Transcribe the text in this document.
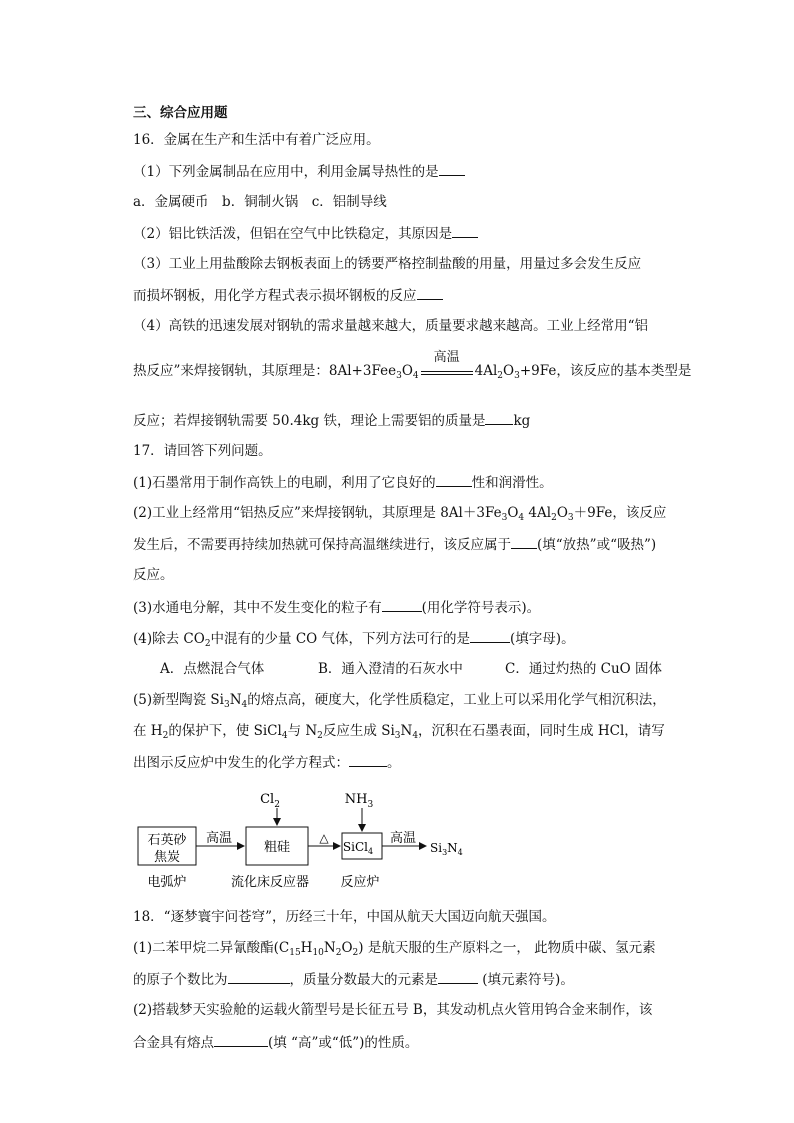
三、综合应用题
16．金属在生产和生活中有着广泛应用。
（1）下列金属制品在应用中，利用金属导热性的是
a．金属硬币　b．铜制火锅　c．铝制导线
（2）铝比铁活泼，但铝在空气中比铁稳定，其原因是
（3）工业上用盐酸除去钢板表面上的锈要严格控制盐酸的用量，用量过多会发生反应
而损坏钢板，用化学方程式表示损坏钢板的反应
（4）高铁的迅速发展对钢轨的需求量越来越大，质量要求越来越高。工业上经常用“铝
热反应”来焊接钢轨，其原理是：$8Al+3Fee_3O_4$
高温
$4Al_2O_3+9Fe$，该反应的基本类型是
反应；若焊接钢轨需要 50.4kg 铁，理论上需要铝的质量是 kg
17．请回答下列问题。
(1)石墨常用于制作高铁上的电刷，利用了它良好的	性和润滑性。
(2)工业上经常用“铝热反应”来焊接钢轨，其原理是 $8Al+3Fe_3O_4$ $4Al_2O_3+9Fe$，该反应
发生后，不需要再持续加热就可保持高温继续进行，该反应属于 (填“放热”或“吸热”)
反应。
(3)水通电分解，其中不发生变化的粒子有	(用化学符号表示)。
(4)除去 $CO_2$中混有的少量 CO 气体，下列方法可行的是	(填字母)。
A．点燃混合气体	B．通入澄清的石灰水中	C．通过灼热的 CuO 固体
(5)新型陶瓷 $Si_3N_4$的熔点高，硬度大，化学性质稳定，工业上可以采用化学气相沉积法，
在 $H_2$的保护下，使 SiCl$_4$与 $N_2$反应生成 $Si_3N_4$，沉积在石墨表面，同时生成 HCl，请写
出图示反应炉中发生的化学方程式：	。
石英砂
焦炭
高温
粗硅
$Cl_2$
△
SiCl$_4$
$NH_3$
高温
$Si_3N_4$
电弧炉	流化床反应器 反应炉
18．“逐梦寰宇问苍穹”，历经三十年，中国从航天大国迈向航天强国。
(1)二苯甲烷二异氰酸酯$(C_{15}H_{10}N_2O_2)$ 是航天服的生产原料之一， 此物质中碳、氢元素
的原子个数比为	，质量分数最大的元素是	(填元素符号)。
(2)搭载梦天实验舱的运载火箭型号是长征五号 B，其发动机点火管用钨合金来制作，该
合金具有熔点	(填 “高”或“低”)的性质。
